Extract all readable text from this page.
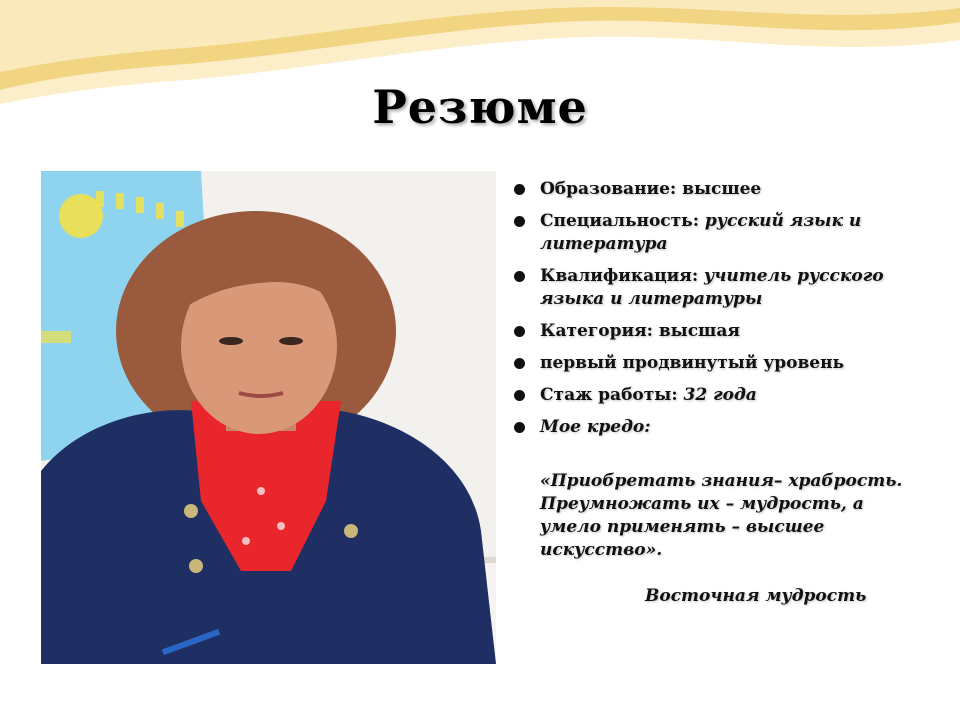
Резюме
Образование: высшее
Специальность: русский язык и литература
Квалификация: учитель русского языка и литературы
Категория: высшая
первый продвинутый уровень
Стаж работы: 32 года
Мое кредо:

«Приобретать знания– храбрость. Преумножать их – мудрость, а умело применять – высшее искусство».

Восточная мудрость
